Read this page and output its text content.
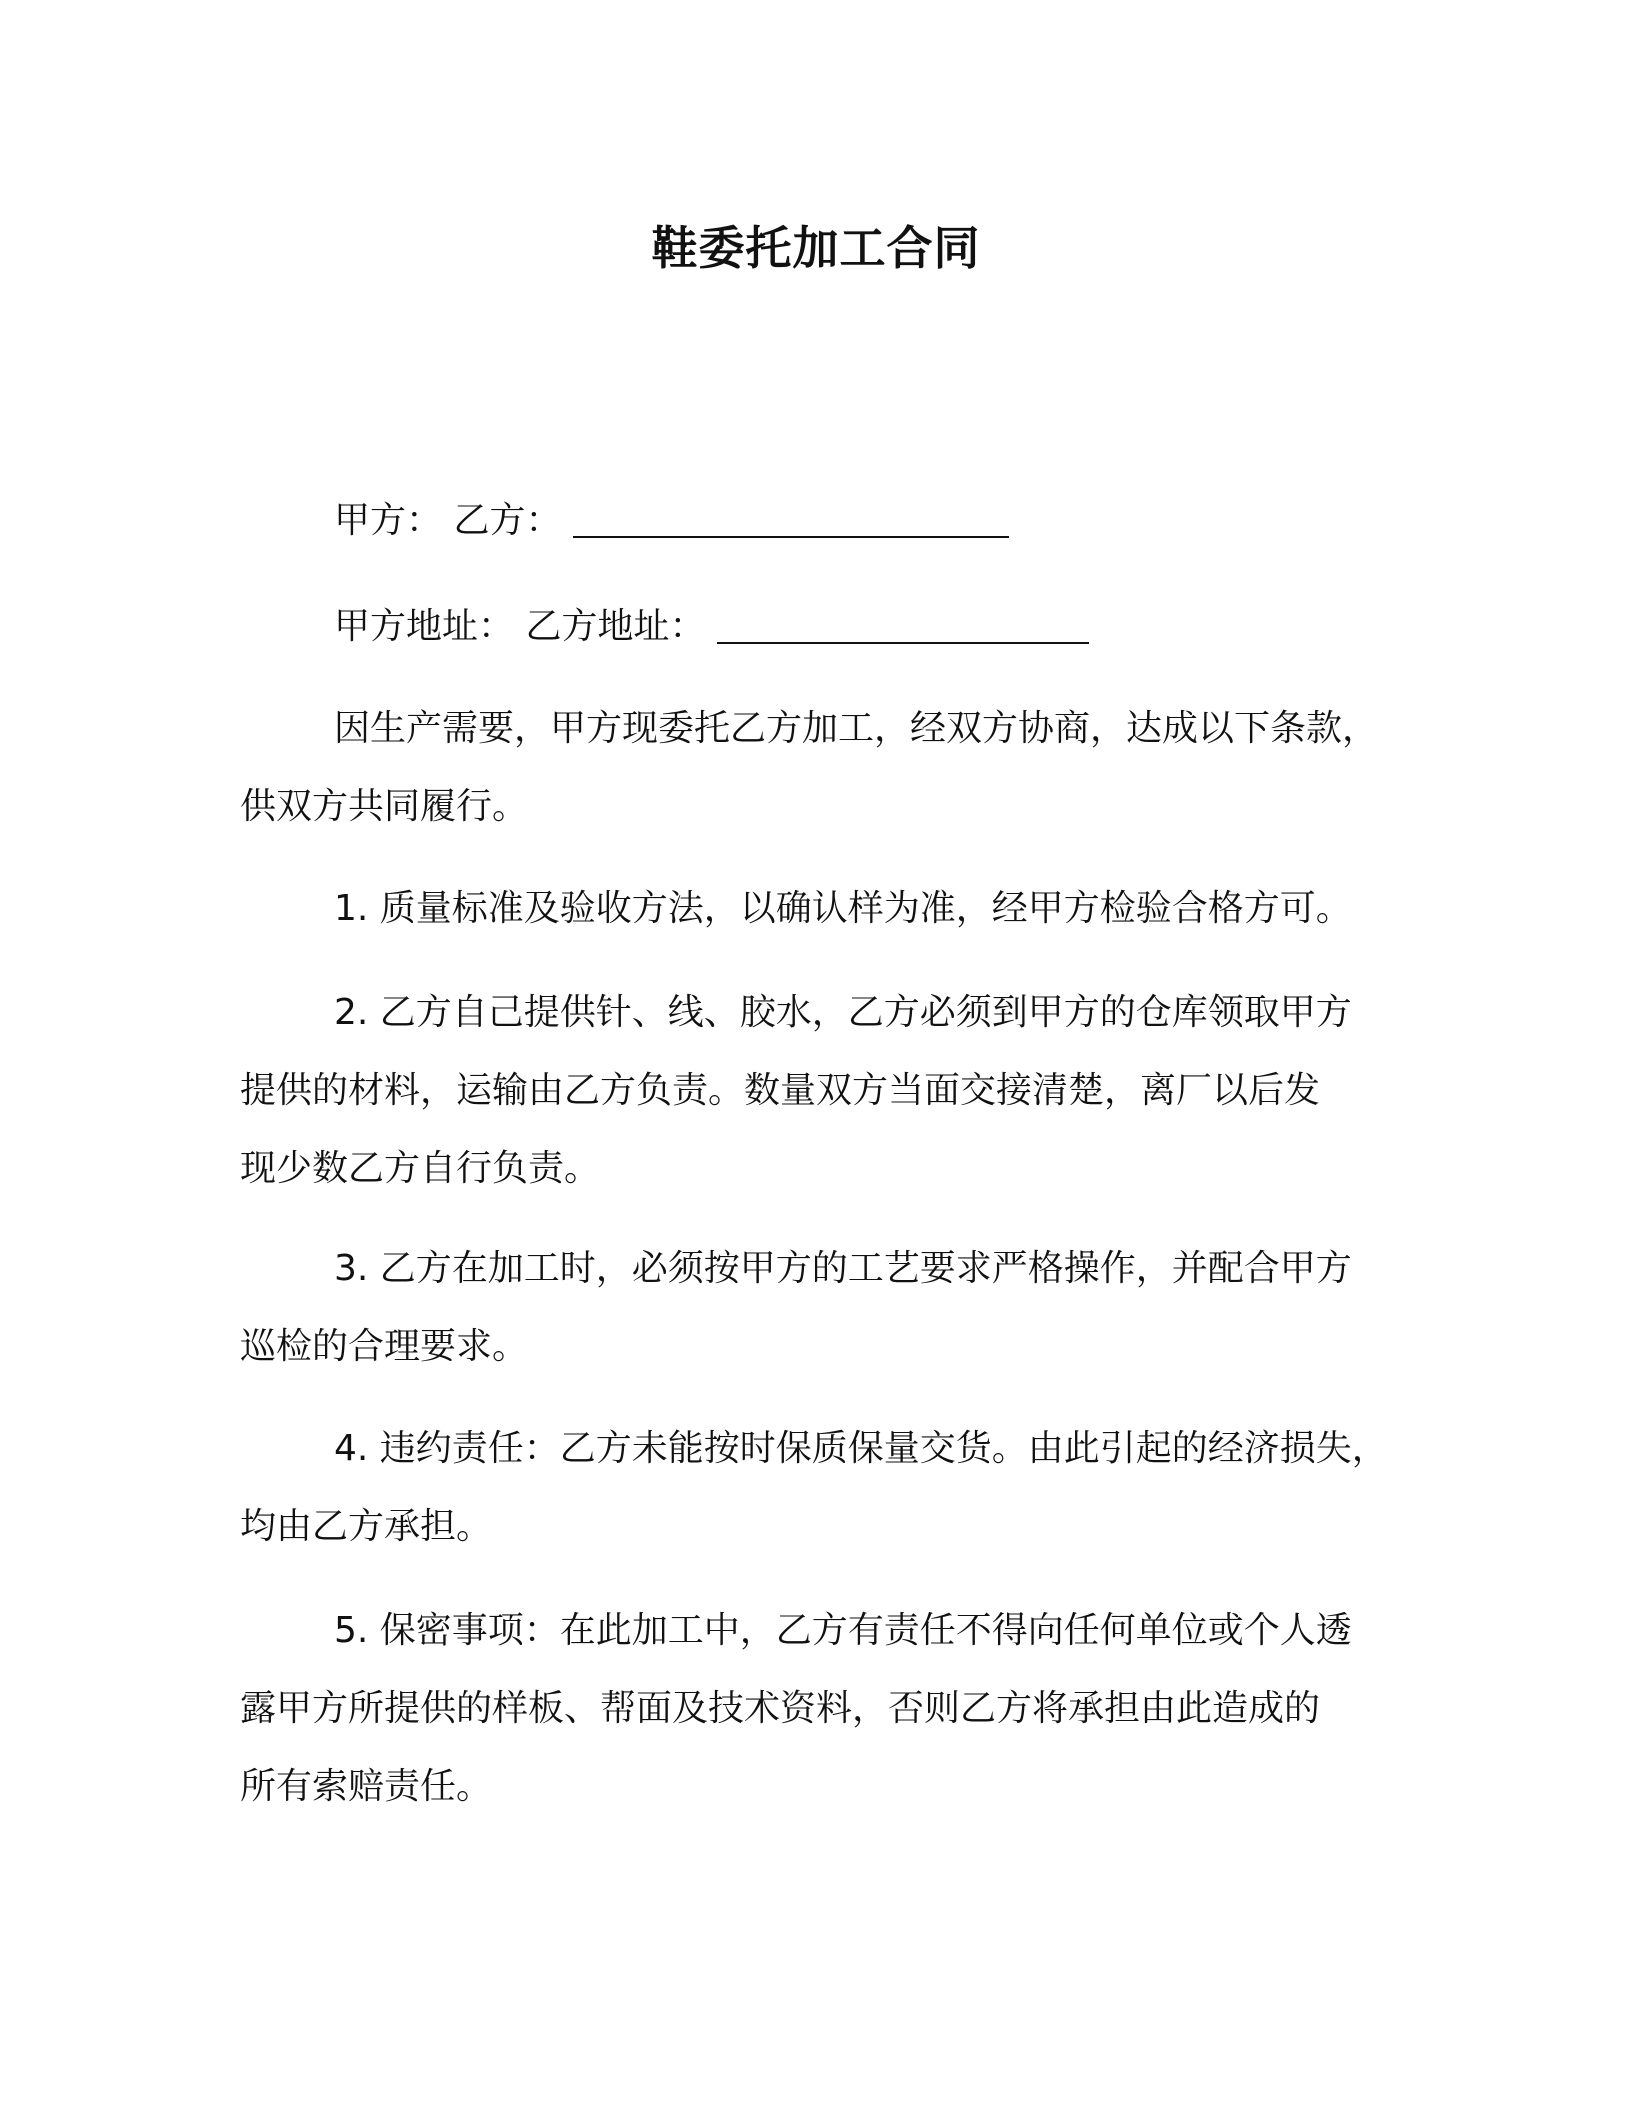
鞋委托加工合同

甲方： 乙方：

甲方地址： 乙方地址：

因生产需要，甲方现委托乙方加工，经双方协商，达成以下条款，
供双方共同履行。

1. 质量标准及验收方法，以确认样为准，经甲方检验合格方可。

2. 乙方自己提供针、线、胶水，乙方必须到甲方的仓库领取甲方
提供的材料，运输由乙方负责。数量双方当面交接清楚，离厂以后发
现少数乙方自行负责。

3. 乙方在加工时，必须按甲方的工艺要求严格操作，并配合甲方
巡检的合理要求。

4. 违约责任：乙方未能按时保质保量交货。由此引起的经济损失，
均由乙方承担。

5. 保密事项：在此加工中，乙方有责任不得向任何单位或个人透
露甲方所提供的样板、帮面及技术资料，否则乙方将承担由此造成的
所有索赔责任。
